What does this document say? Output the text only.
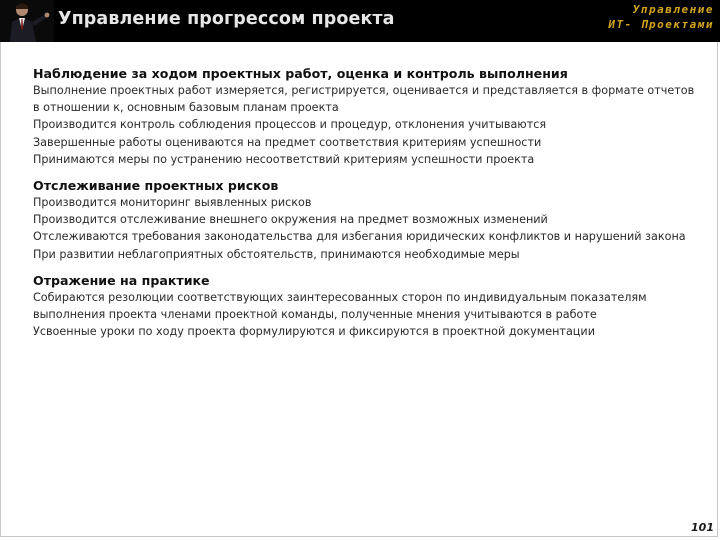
Управление прогрессом проекта	Управление
ИТ- Проектами
Наблюдение за ходом проектных работ, оценка и контроль выполнения
Выполнение проектных работ измеряется, регистрируется, оценивается и представляется в формате отчетов
в отношении к, основным базовым планам проекта
Производится контроль соблюдения процессов и процедур, отклонения учитываются
Завершенные работы оцениваются на предмет соответствия критериям успешности
Принимаются меры по устранению несоответствий критериям успешности проекта
Отслеживание проектных рисков
Производится мониторинг выявленных рисков
Производится отслеживание внешнего окружения на предмет возможных изменений
Отслеживаются требования законодательства для избегания юридических конфликтов и нарушений закона
При развитии неблагоприятных обстоятельств, принимаются необходимые меры
Отражение на практике
Собираются резолюции соответствующих заинтересованных сторон по индивидуальным показателям
выполнения проекта членами проектной команды, полученные мнения учитываются в работе
Усвоенные уроки по ходу проекта формулируются и фиксируются в проектной документации
101
